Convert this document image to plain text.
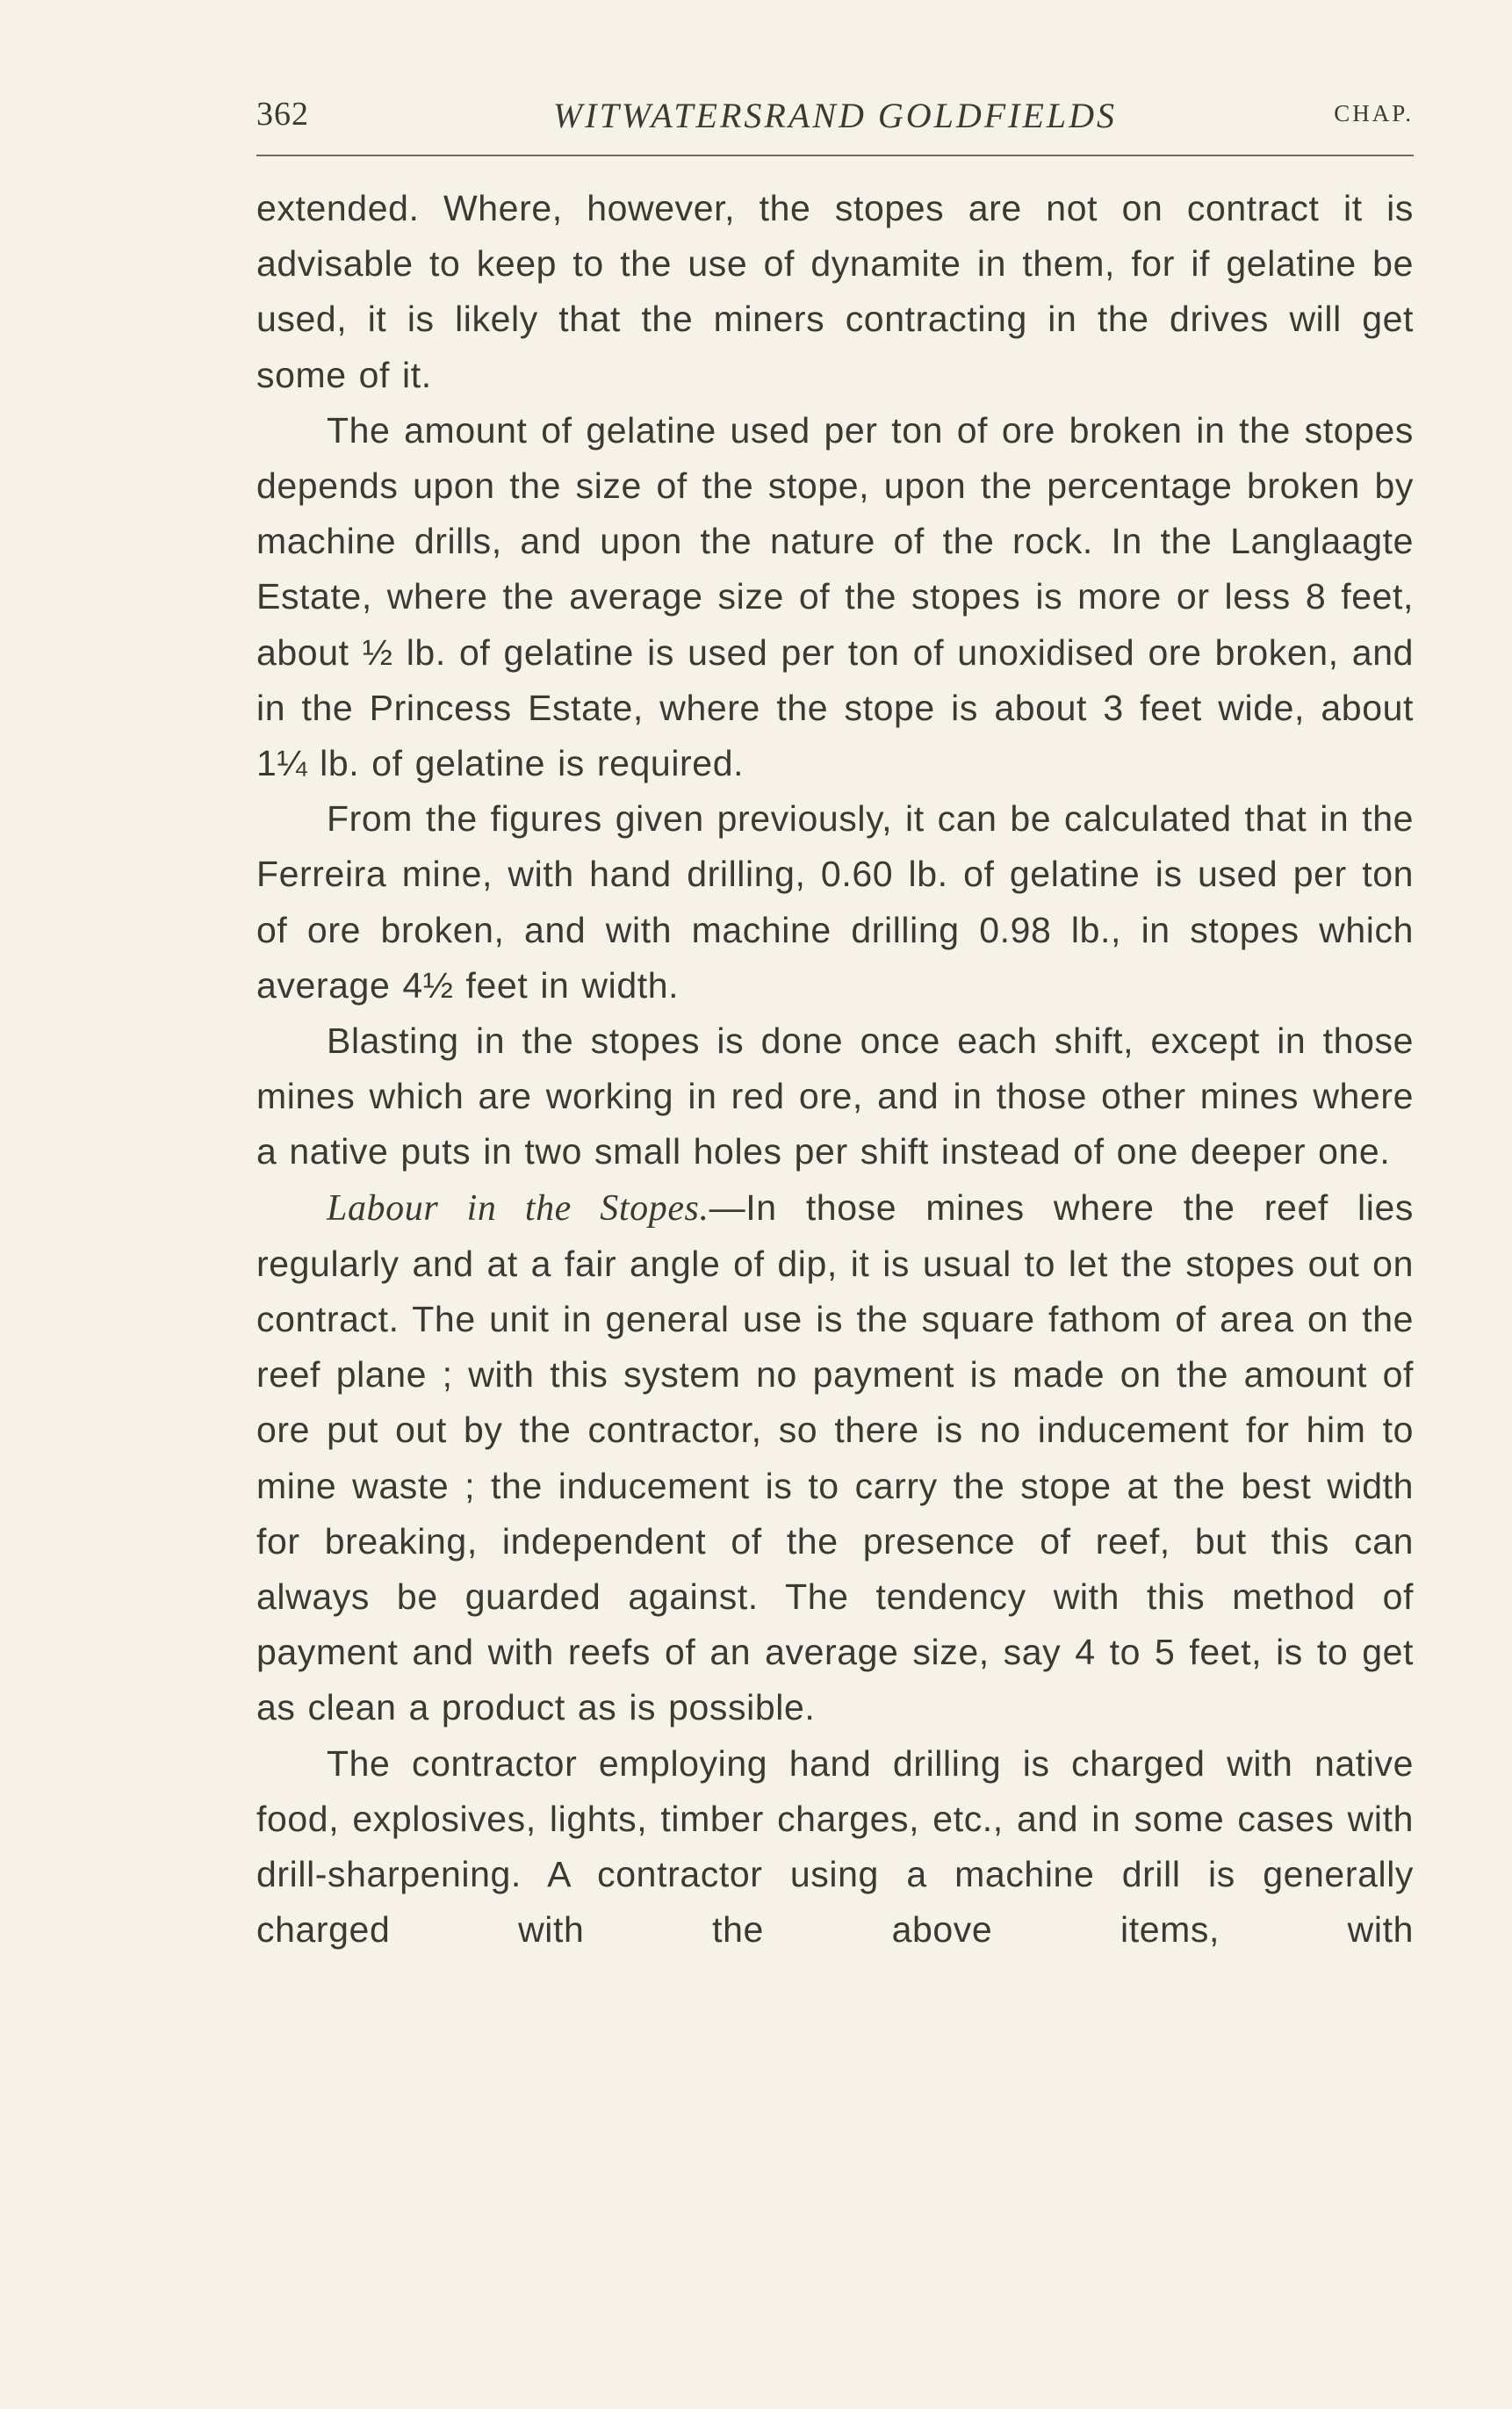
362	WITWATERSRAND GOLDFIELDS	CHAP.

extended. Where, however, the stopes are not on contract it is advisable to keep to the use of dynamite in them, for if gelatine be used, it is likely that the miners contracting in the drives will get some of it.

The amount of gelatine used per ton of ore broken in the stopes depends upon the size of the stope, upon the percentage broken by machine drills, and upon the nature of the rock. In the Langlaagte Estate, where the average size of the stopes is more or less 8 feet, about ½ lb. of gelatine is used per ton of unoxidised ore broken, and in the Princess Estate, where the stope is about 3 feet wide, about 1¼ lb. of gelatine is required.

From the figures given previously, it can be calculated that in the Ferreira mine, with hand drilling, 0.60 lb. of gelatine is used per ton of ore broken, and with machine drilling 0.98 lb., in stopes which average 4½ feet in width.

Blasting in the stopes is done once each shift, except in those mines which are working in red ore, and in those other mines where a native puts in two small holes per shift instead of one deeper one.

Labour in the Stopes.—In those mines where the reef lies regularly and at a fair angle of dip, it is usual to let the stopes out on contract. The unit in general use is the square fathom of area on the reef plane ; with this system no payment is made on the amount of ore put out by the contractor, so there is no inducement for him to mine waste ; the inducement is to carry the stope at the best width for breaking, independent of the presence of reef, but this can always be guarded against. The tendency with this method of payment and with reefs of an average size, say 4 to 5 feet, is to get as clean a product as is possible.

The contractor employing hand drilling is charged with native food, explosives, lights, timber charges, etc., and in some cases with drill-sharpening. A contractor using a machine drill is generally charged with the above items, with
